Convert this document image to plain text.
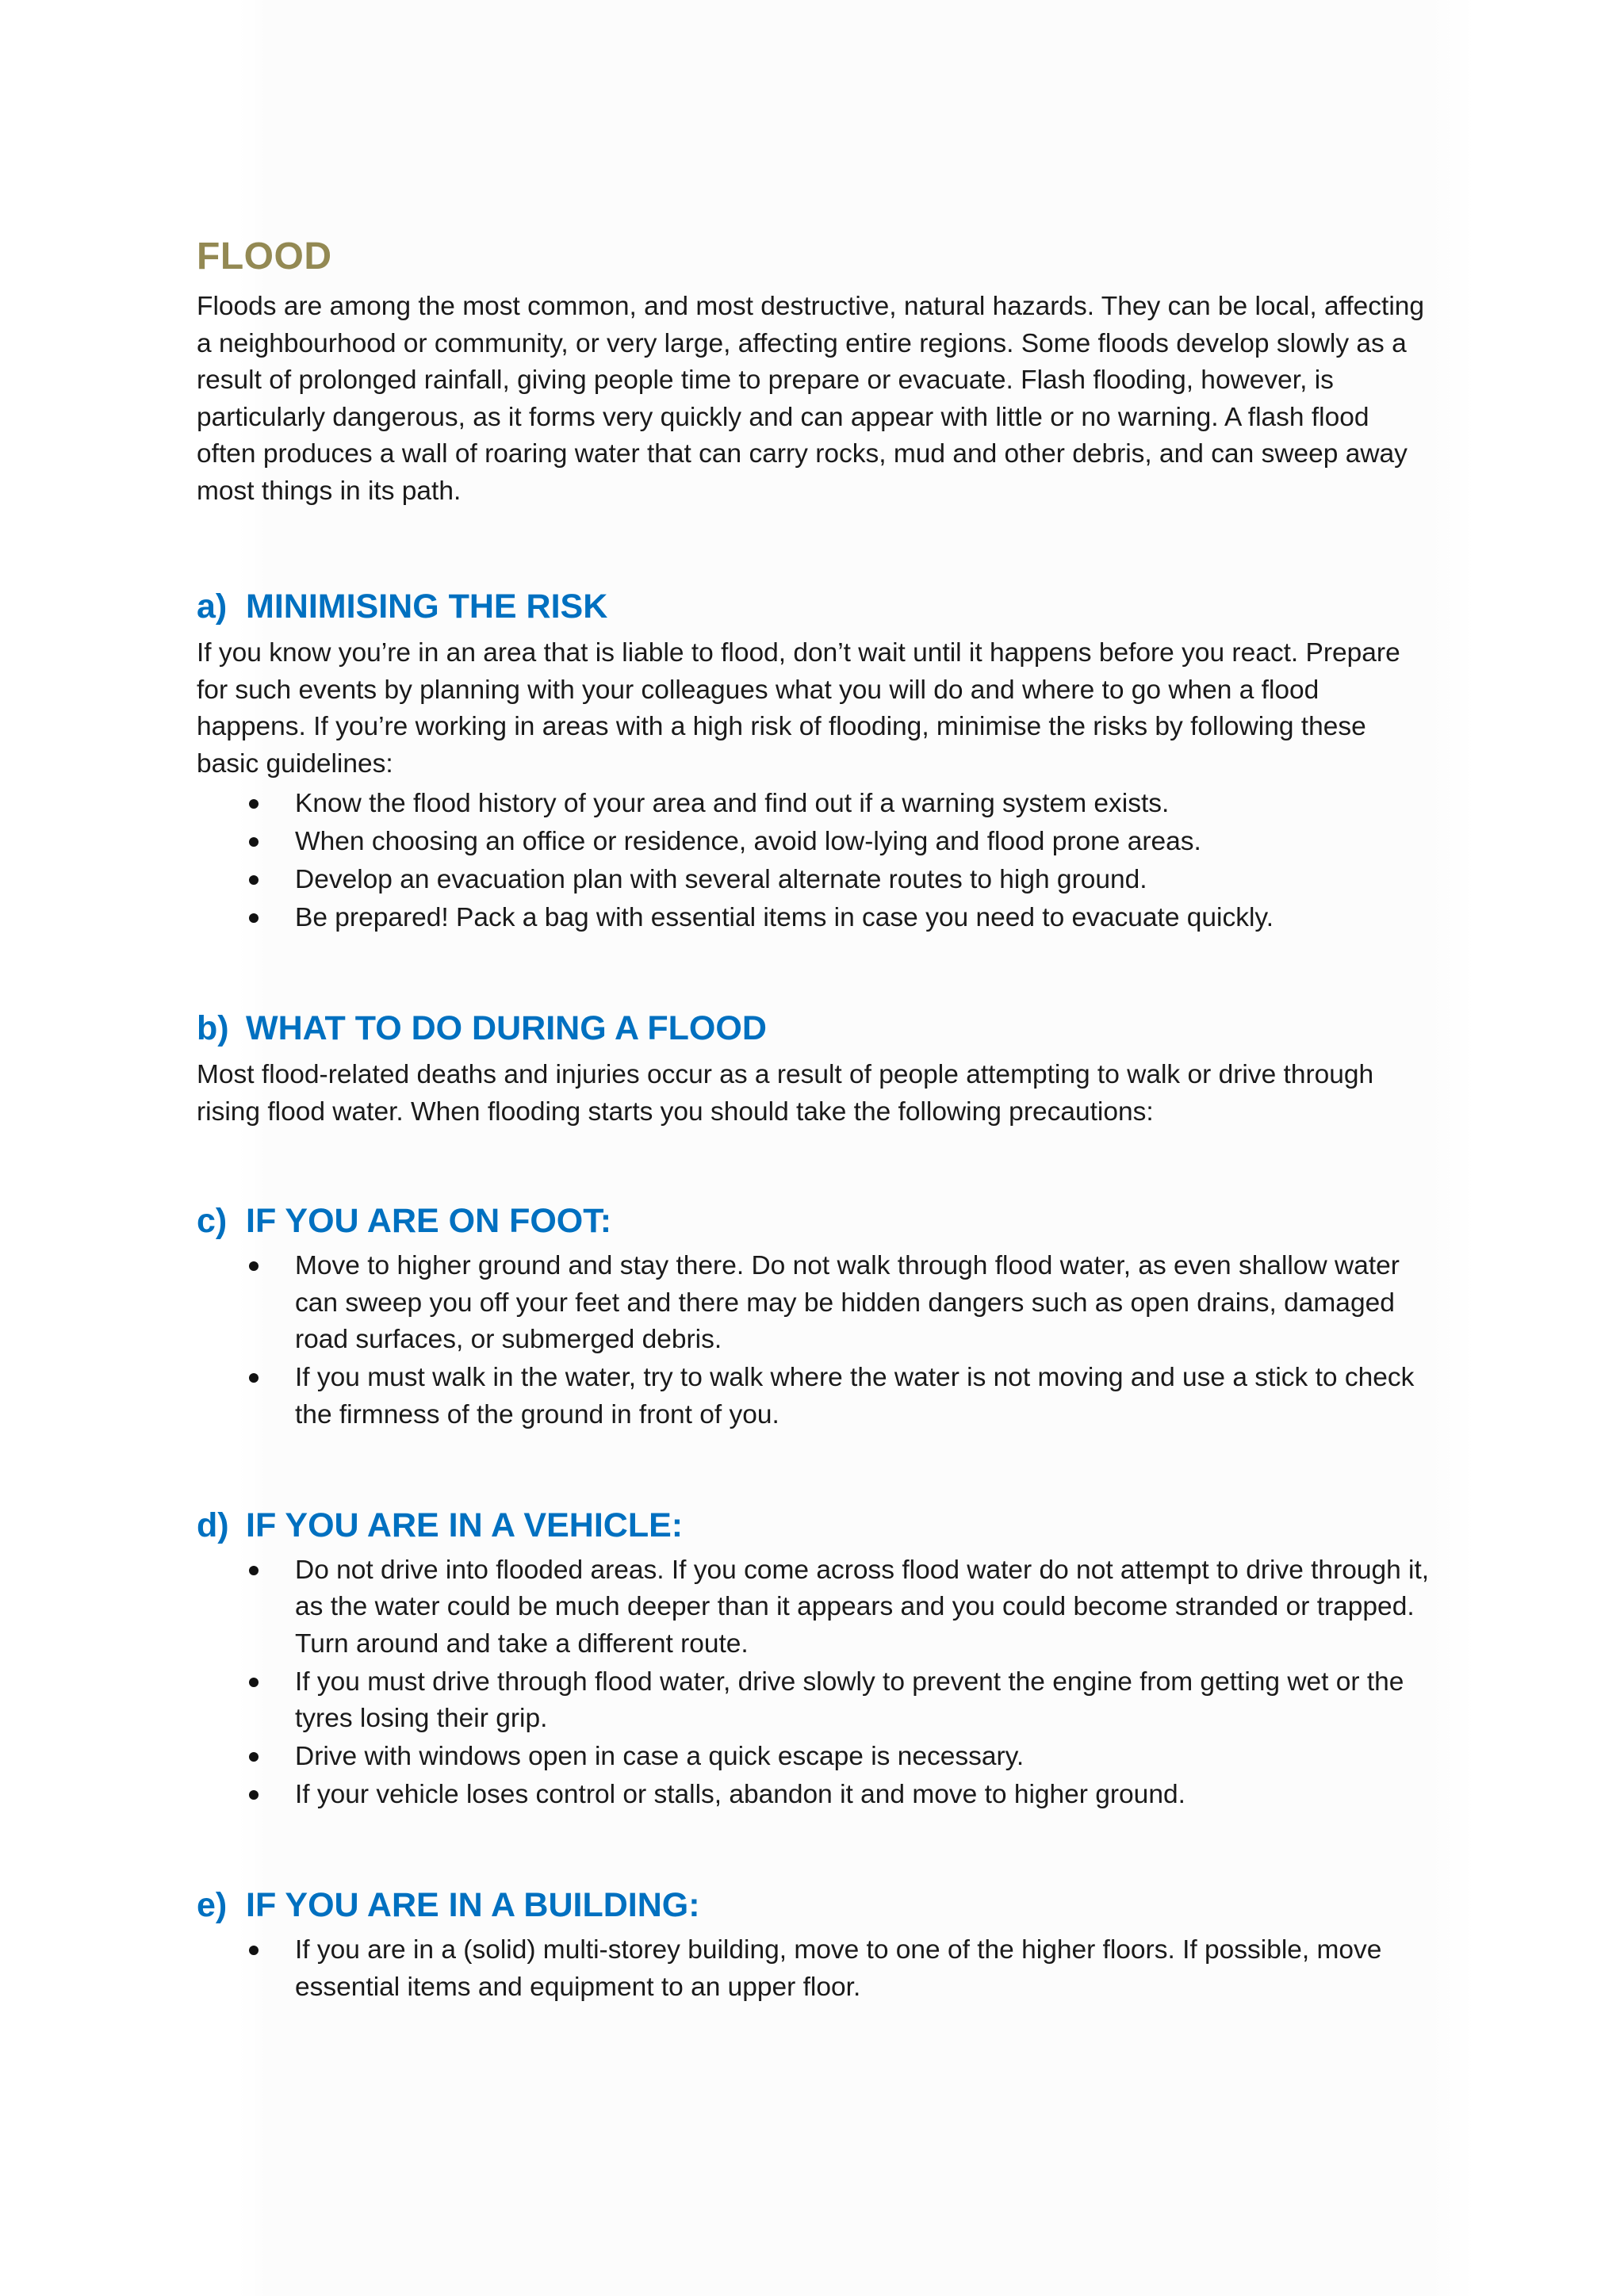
FLOOD

Floods are among the most common, and most destructive, natural hazards. They can be local, affecting a neighbourhood or community, or very large, affecting entire regions. Some floods develop slowly as a result of prolonged rainfall, giving people time to prepare or evacuate. Flash flooding, however, is particularly dangerous, as it forms very quickly and can appear with little or no warning. A flash flood often produces a wall of roaring water that can carry rocks, mud and other debris, and can sweep away most things in its path.

a) MINIMISING THE RISK

If you know you’re in an area that is liable to flood, don’t wait until it happens before you react. Prepare for such events by planning with your colleagues what you will do and where to go when a flood happens. If you’re working in areas with a high risk of flooding, minimise the risks by following these basic guidelines:

Know the flood history of your area and find out if a warning system exists.
When choosing an office or residence, avoid low-lying and flood prone areas.
Develop an evacuation plan with several alternate routes to high ground.
Be prepared! Pack a bag with essential items in case you need to evacuate quickly.
b) WHAT TO DO DURING A FLOOD

Most flood-related deaths and injuries occur as a result of people attempting to walk or drive through rising flood water. When flooding starts you should take the following precautions:

c) IF YOU ARE ON FOOT:
Move to higher ground and stay there. Do not walk through flood water, as even shallow water can sweep you off your feet and there may be hidden dangers such as open drains, damaged road surfaces, or submerged debris.
If you must walk in the water, try to walk where the water is not moving and use a stick to check the firmness of the ground in front of you.
d) IF YOU ARE IN A VEHICLE:
Do not drive into flooded areas. If you come across flood water do not attempt to drive through it, as the water could be much deeper than it appears and you could become stranded or trapped. Turn around and take a different route.
If you must drive through flood water, drive slowly to prevent the engine from getting wet or the tyres losing their grip.
Drive with windows open in case a quick escape is necessary.
If your vehicle loses control or stalls, abandon it and move to higher ground.
e) IF YOU ARE IN A BUILDING:
If you are in a (solid) multi-storey building, move to one of the higher floors. If possible, move essential items and equipment to an upper floor.
